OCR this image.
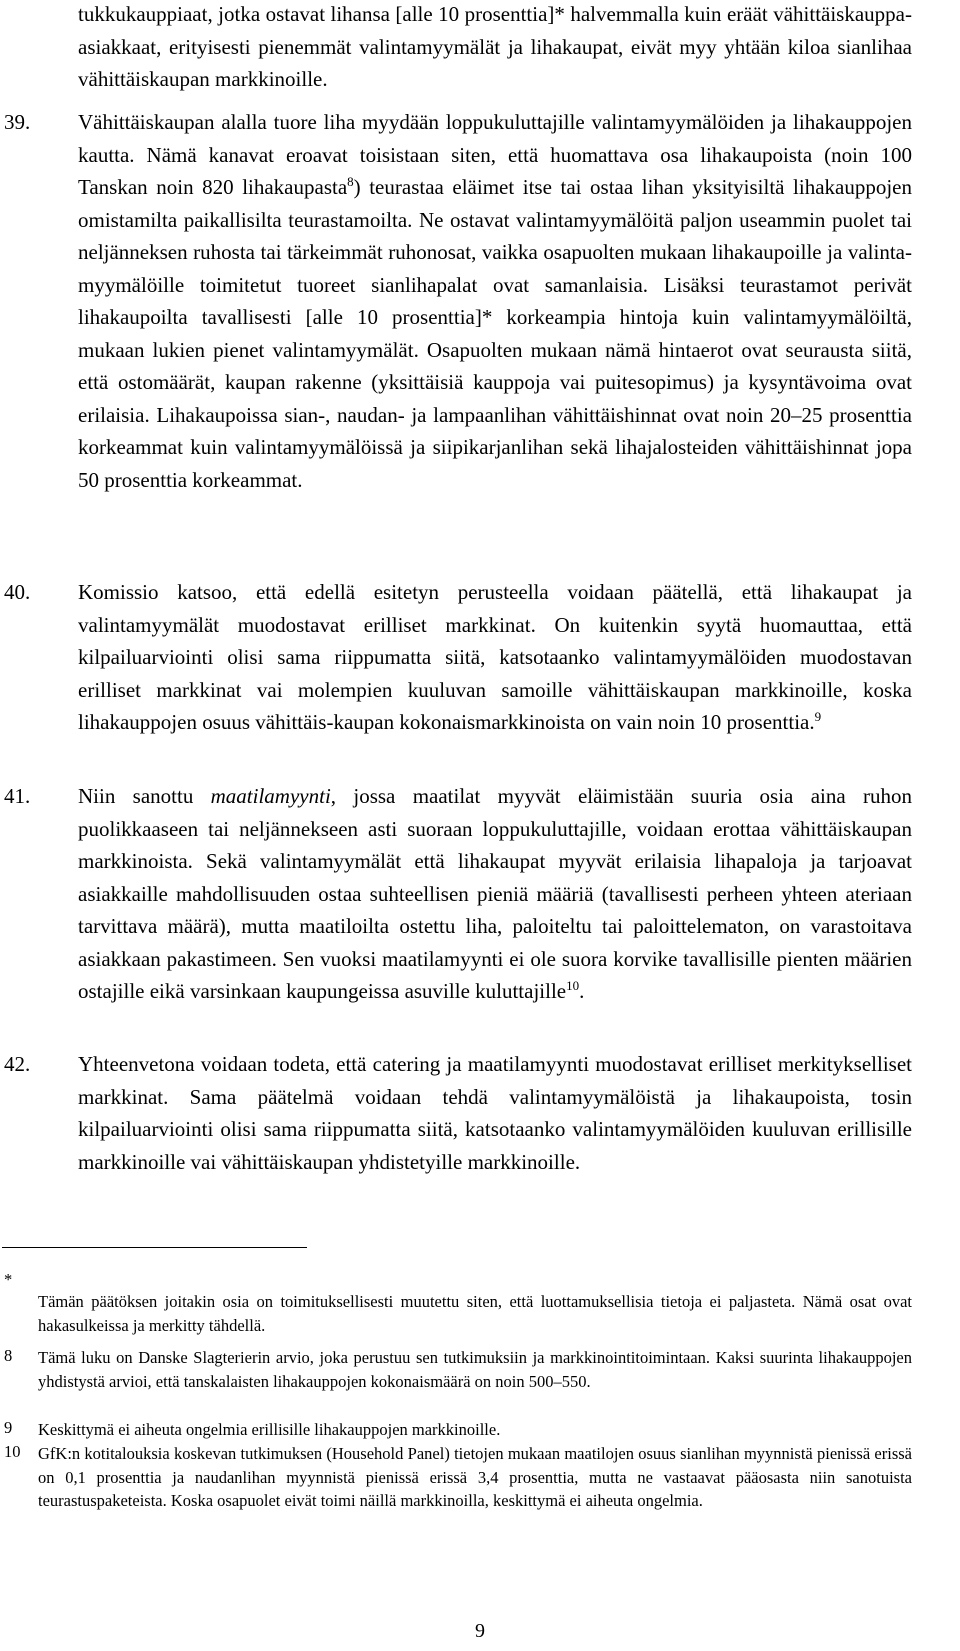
tukkukauppiaat, jotka ostavat lihansa [alle 10 prosenttia]* halvemmalla kuin eräät vähittäiskauppa-asiakkaat, erityisesti pienemmät valintamyymälät ja lihakaupat, eivät myy yhtään kiloa sianlihaa vähittäiskaupan markkinoille.
39. Vähittäiskaupan alalla tuore liha myydään loppukuluttajille valintamyymälöiden ja lihakauppojen kautta. Nämä kanavat eroavat toisistaan siten, että huomattava osa lihakaupoista (noin 100 Tanskan noin 820 lihakaupasta$^8$) teurastaa eläimet itse tai ostaa lihan yksityisiltä lihakauppojen omistamilta paikallisilta teurastamoilta. Ne ostavat valintamyymälöitä paljon useammin puolet tai neljänneksen ruhosta tai tärkeimmät ruhonosat, vaikka osapuolten mukaan lihakaupoille ja valinta-myymälöille toimitetut tuoreet sianlihapalat ovat samanlaisia. Lisäksi teurastamot perivät lihakaupoilta tavallisesti [alle 10 prosenttia]* korkeampia hintoja kuin valintamyymälöiltä, mukaan lukien pienet valintamyymälät. Osapuolten mukaan nämä hintaerot ovat seurausta siitä, että ostomäärät, kaupan rakenne (yksittäisiä kauppoja vai puitesopimus) ja kysyntävoima ovat erilaisia. Lihakaupoissa sian-, naudan- ja lampaanlihan vähittäishinnat ovat noin 20–25 prosenttia korkeammat kuin valintamyymälöissä ja siipikarjanlihan sekä lihajalosteiden vähittäishinnat jopa 50 prosenttia korkeammat.
40. Komissio katsoo, että edellä esitetyn perusteella voidaan päätellä, että lihakaupat ja valintamyymälät muodostavat erilliset markkinat. On kuitenkin syytä huomauttaa, että kilpailuarviointi olisi sama riippumatta siitä, katsotaanko valintamyymälöiden muodostavan erilliset markkinat vai molempien kuuluvan samoille vähittäiskaupan markkinoille, koska lihakauppojen osuus vähittäis-kaupan kokonaismarkkinoista on vain noin 10 prosenttia.$^9$
41. Niin sanottu maatilamyynti, jossa maatilat myyvät eläimistään suuria osia aina ruhon puolikkaaseen tai neljännekseen asti suoraan loppukuluttajille, voidaan erottaa vähittäiskaupan markkinoista. Sekä valintamyymälät että lihakaupat myyvät erilaisia lihapaloja ja tarjoavat asiakkaille mahdollisuuden ostaa suhteellisen pieniä määriä (tavallisesti perheen yhteen ateriaan tarvittava määrä), mutta maatiloilta ostettu liha, paloiteltu tai paloittelematon, on varastoitava asiakkaan pakastimeen. Sen vuoksi maatilamyynti ei ole suora korvike tavallisille pienten määrien ostajille eikä varsinkaan kaupungeissa asuville kuluttajille$^{10}$.
42. Yhteenvetona voidaan todeta, että catering ja maatilamyynti muodostavat erilliset merkitykselliset markkinat. Sama päätelmä voidaan tehdä valintamyymälöistä ja lihakaupoista, tosin kilpailuarviointi olisi sama riippumatta siitä, katsotaanko valintamyymälöiden kuuluvan erillisille markkinoille vai vähittäiskaupan yhdistetyille markkinoille.
*
Tämän päätöksen joitakin osia on toimituksellisesti muutettu siten, että luottamuksellisia tietoja ei paljasteta. Nämä osat ovat hakasulkeissa ja merkitty tähdellä.
8 Tämä luku on Danske Slagterierin arvio, joka perustuu sen tutkimuksiin ja markkinointitoimintaan. Kaksi suurinta lihakauppojen yhdistystä arvioi, että tanskalaisten lihakauppojen kokonaismäärä on noin 500–550.
9 Keskittymä ei aiheuta ongelmia erillisille lihakauppojen markkinoille.
10 GfK:n kotitalouksia koskevan tutkimuksen (Household Panel) tietojen mukaan maatilojen osuus sianlihan myynnistä pienissä erissä on 0,1 prosenttia ja naudanlihan myynnistä pienissä erissä 3,4 prosenttia, mutta ne vastaavat pääosasta niin sanotuista teurastuspaketeista. Koska osapuolet eivät toimi näillä markkinoilla, keskittymä ei aiheuta ongelmia.
9
